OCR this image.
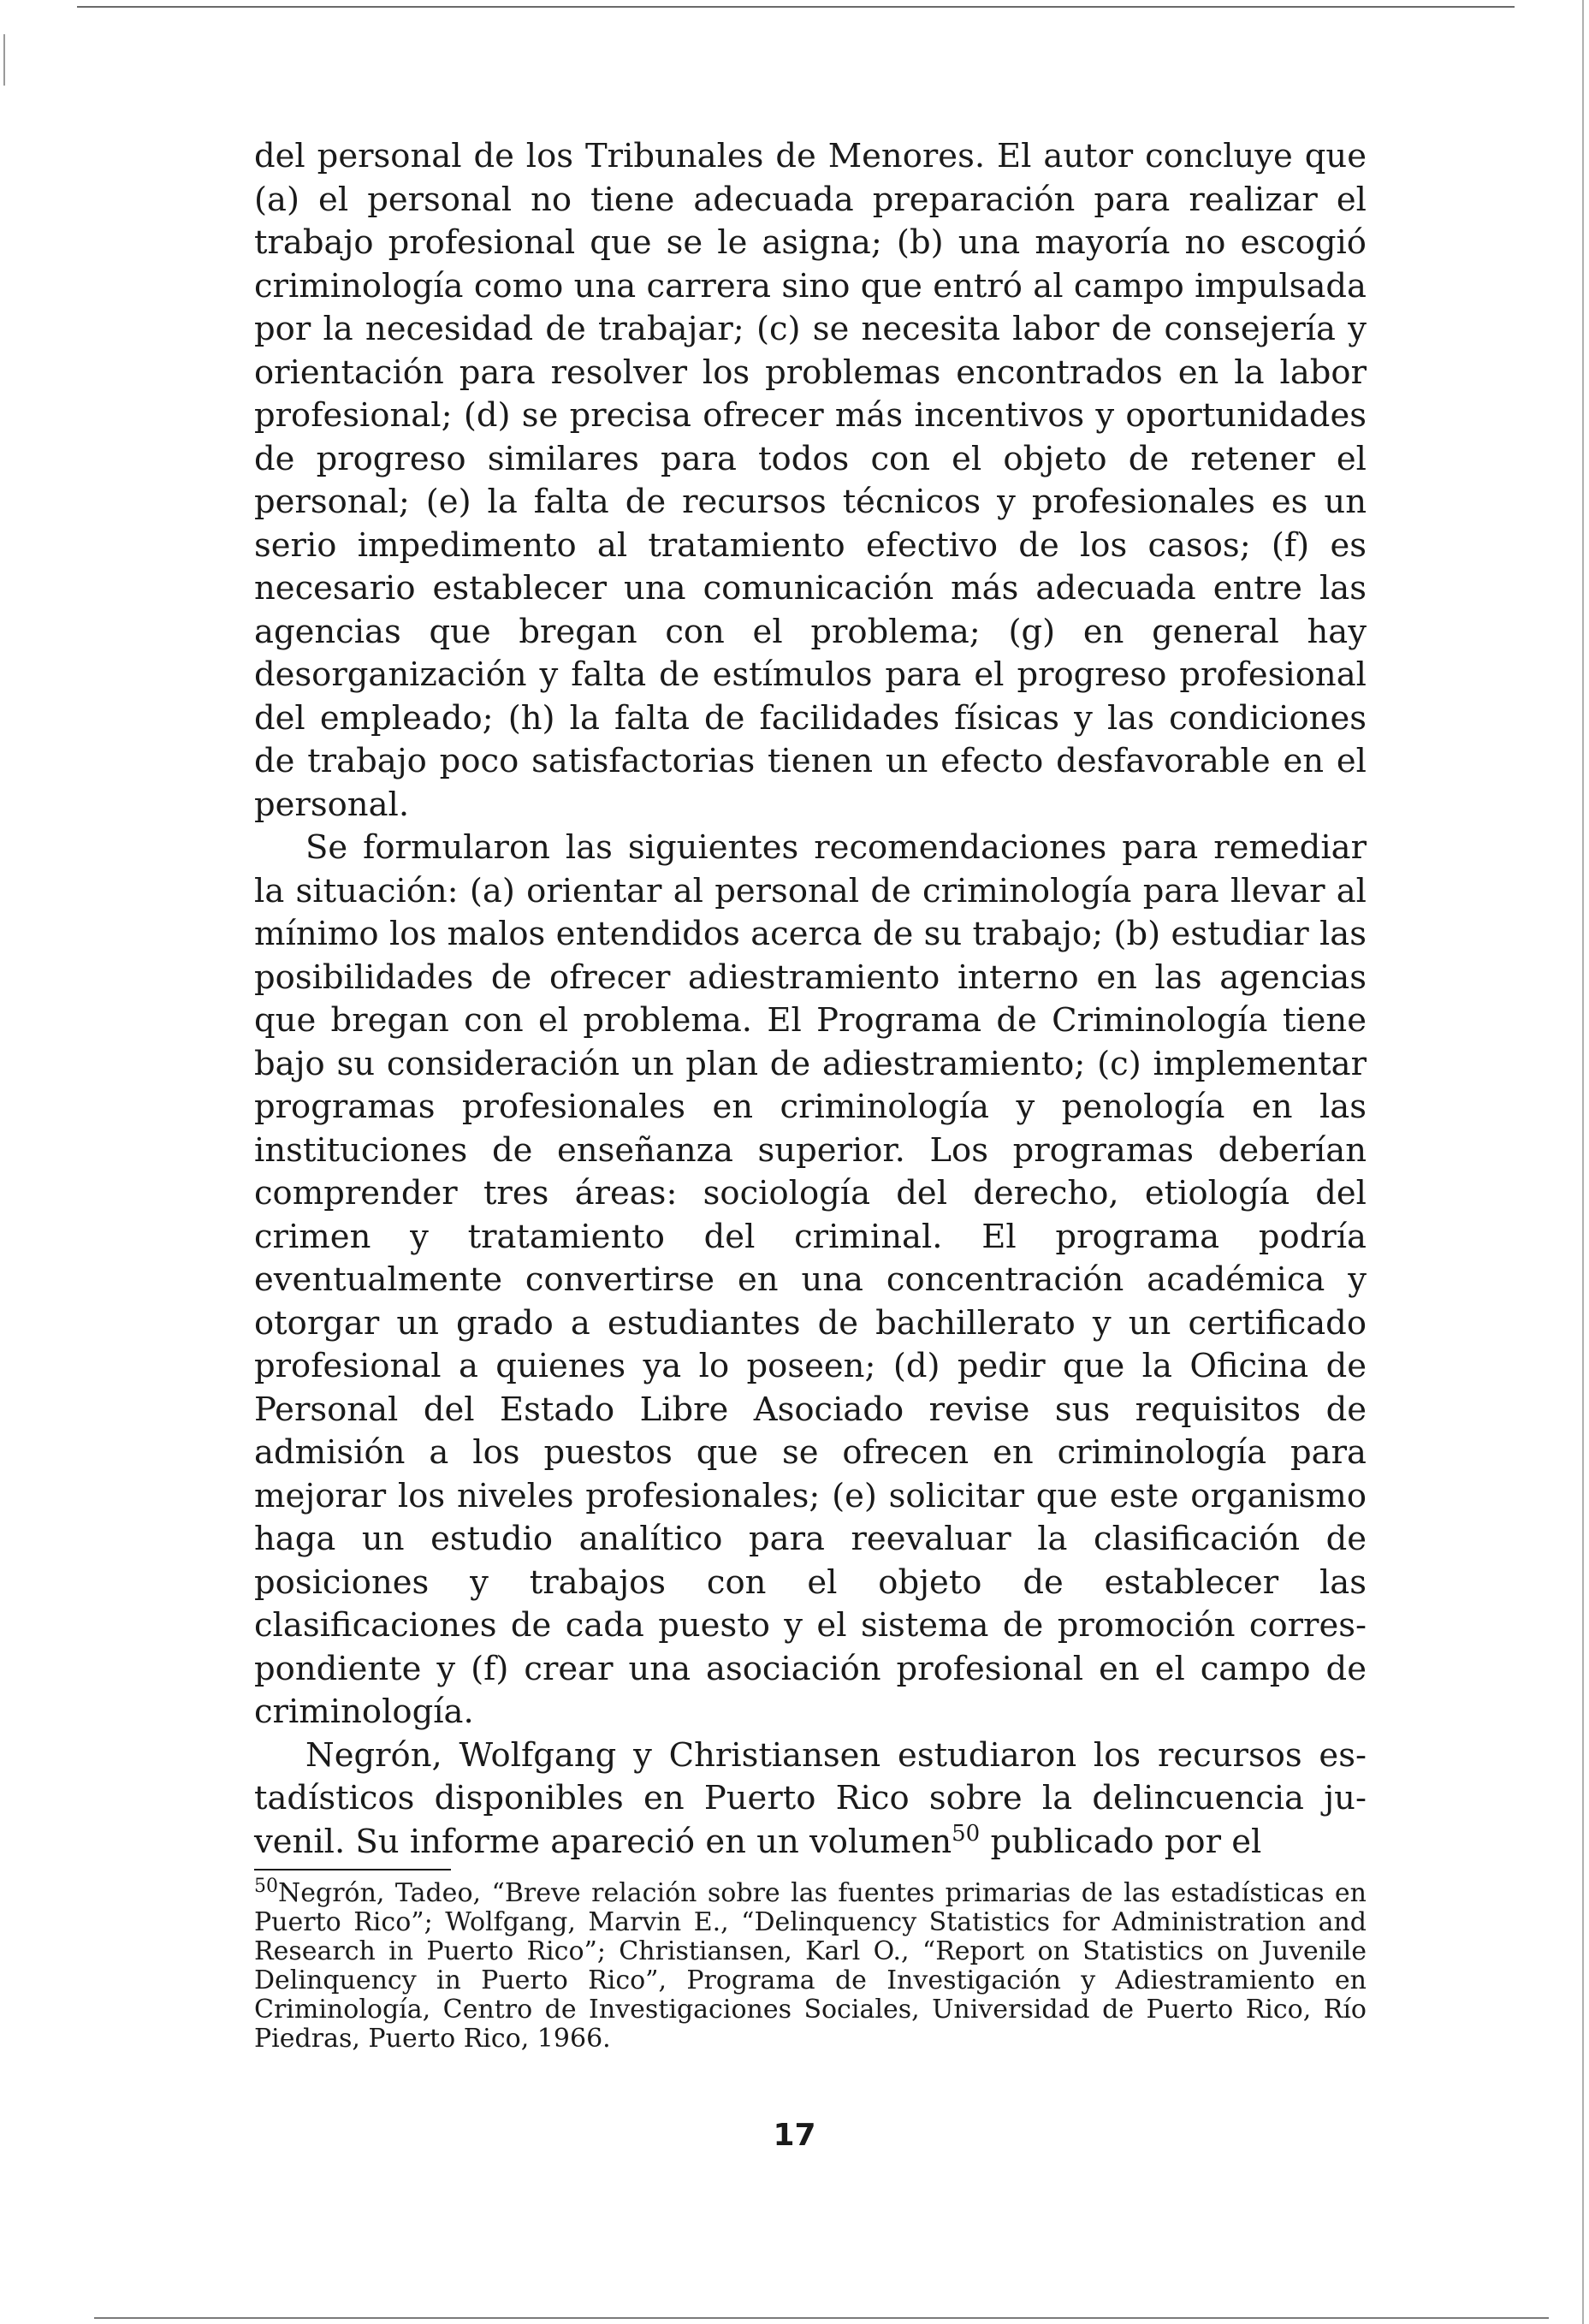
del personal de los Tribunales de Menores. El autor concluye que (a) el personal no tiene adecuada preparación para realizar el trabajo profesional que se le asigna; (b) una mayoría no escogió criminología como una carrera sino que entró al campo impulsada por la necesidad de trabajar; (c) se necesita labor de consejería y orientación para resolver los problemas encontrados en la labor profesional; (d) se precisa ofrecer más incentivos y oportunidades de progreso similares para todos con el objeto de retener el personal; (e) la falta de recursos técnicos y profesionales es un serio impedimento al tratamiento efectivo de los casos; (f) es necesario establecer una comunicación más adecuada entre las agencias que bregan con el problema; (g) en general hay desorganización y falta de estímulos para el progreso profesional del empleado; (h) la falta de facilidades físicas y las condiciones de trabajo poco satisfactorias tienen un efecto desfavorable en el personal.

Se formularon las siguientes recomendaciones para remediar la situación: (a) orientar al personal de criminología para llevar al mínimo los malos entendidos acerca de su trabajo; (b) estudiar las posibilidades de ofrecer adiestramiento interno en las agencias que bregan con el problema. El Programa de Criminología tiene bajo su consideración un plan de adiestramiento; (c) implementar programas profesionales en criminología y penología en las instituciones de enseñanza superior. Los programas deberían comprender tres áreas: sociología del derecho, etiología del crimen y tratamiento del criminal. El programa podría eventualmente convertirse en una concentración académica y otorgar un grado a estudiantes de bachillerato y un certificado profesional a quienes ya lo poseen; (d) pedir que la Oficina de Personal del Estado Libre Asociado revise sus requisitos de admisión a los puestos que se ofrecen en criminología para mejorar los niveles profesionales; (e) solicitar que este organismo haga un estudio analítico para reevaluar la clasificación de posiciones y trabajos con el objeto de establecer las clasificaciones de cada puesto y el sistema de promoción correspondiente y (f) crear una asociación profesional en el campo de criminología.

Negrón, Wolfgang y Christiansen estudiaron los recursos estadísticos disponibles en Puerto Rico sobre la delincuencia juvenil. Su informe apareció en un volumen$^{50}$ publicado por el

$^{50}$Negrón, Tadeo, “Breve relación sobre las fuentes primarias de las estadísticas en Puerto Rico”; Wolfgang, Marvin E., “Delinquency Statistics for Administration and Research in Puerto Rico”; Christiansen, Karl O., “Report on Statistics on Juvenile Delinquency in Puerto Rico”, Programa de Investigación y Adiestramiento en Criminología, Centro de Investigaciones Sociales, Universidad de Puerto Rico, Río Piedras, Puerto Rico, 1966.

17
